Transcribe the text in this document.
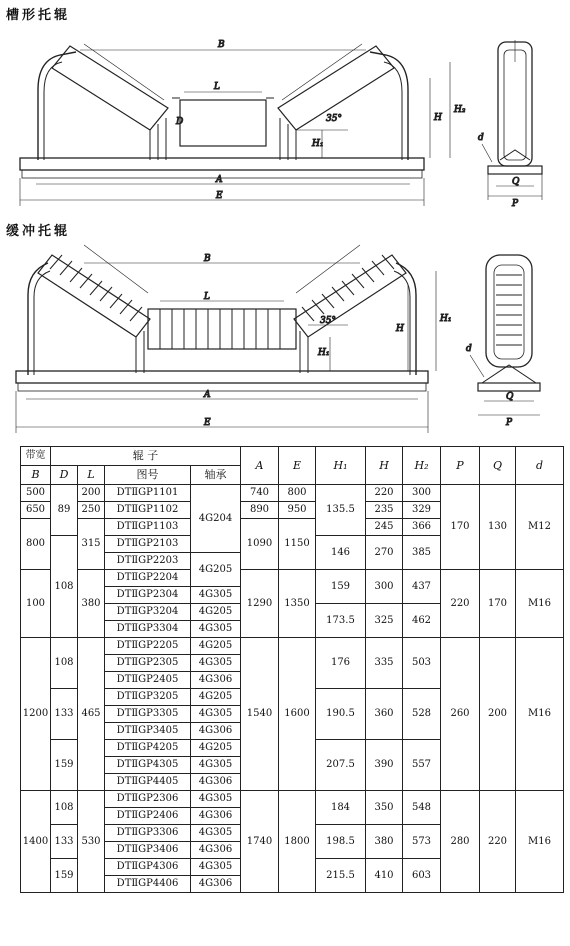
槽形托辊
B
L
D	35°
A
E
H
H₂
H₁
Q
P
d
缓冲托辊
B
L
35°
A
E
H
H₁
H₁
Q
P
d
带宽	辊 子				A	E	H₁	H	H₂	P	Q	d
B	D	L	图号	轴承								
500	89	200	DTⅡGP1101	4G204	740	800	135.5	220	300	170	130	M12
650		250	DTⅡGP1102		890	950		235	329			
800		315	DTⅡGP1103		1090	1150		245	366			
	108		DTⅡGP2103				146	270	385			
			DTⅡGP2203	4G205								
100		380	DTⅡGP2204		1290	1350	159	300	437	220	170	M16
			DTⅡGP2304	4G305								
			DTⅡGP3204	4G205			173.5	325	462			
			DTⅡGP3304	4G305								
1200	108	465	DTⅡGP2205	4G205	1540	1600	176	335	503	260	200	M16
			DTⅡGP2305	4G305								
			DTⅡGP2405	4G306								
	133		DTⅡGP3205	4G205			190.5	360	528			
			DTⅡGP3305	4G305								
			DTⅡGP3405	4G306								
	159		DTⅡGP4205	4G205			207.5	390	557			
			DTⅡGP4305	4G305								
			DTⅡGP4405	4G306								
1400	108	530	DTⅡGP2306	4G305	1740	1800	184	350	548	280	220	M16
			DTⅡGP2406	4G306								
	133		DTⅡGP3306	4G305			198.5	380	573			
			DTⅡGP3406	4G306								
	159		DTⅡGP4306	4G305			215.5	410	603			
			DTⅡGP4406	4G306								
